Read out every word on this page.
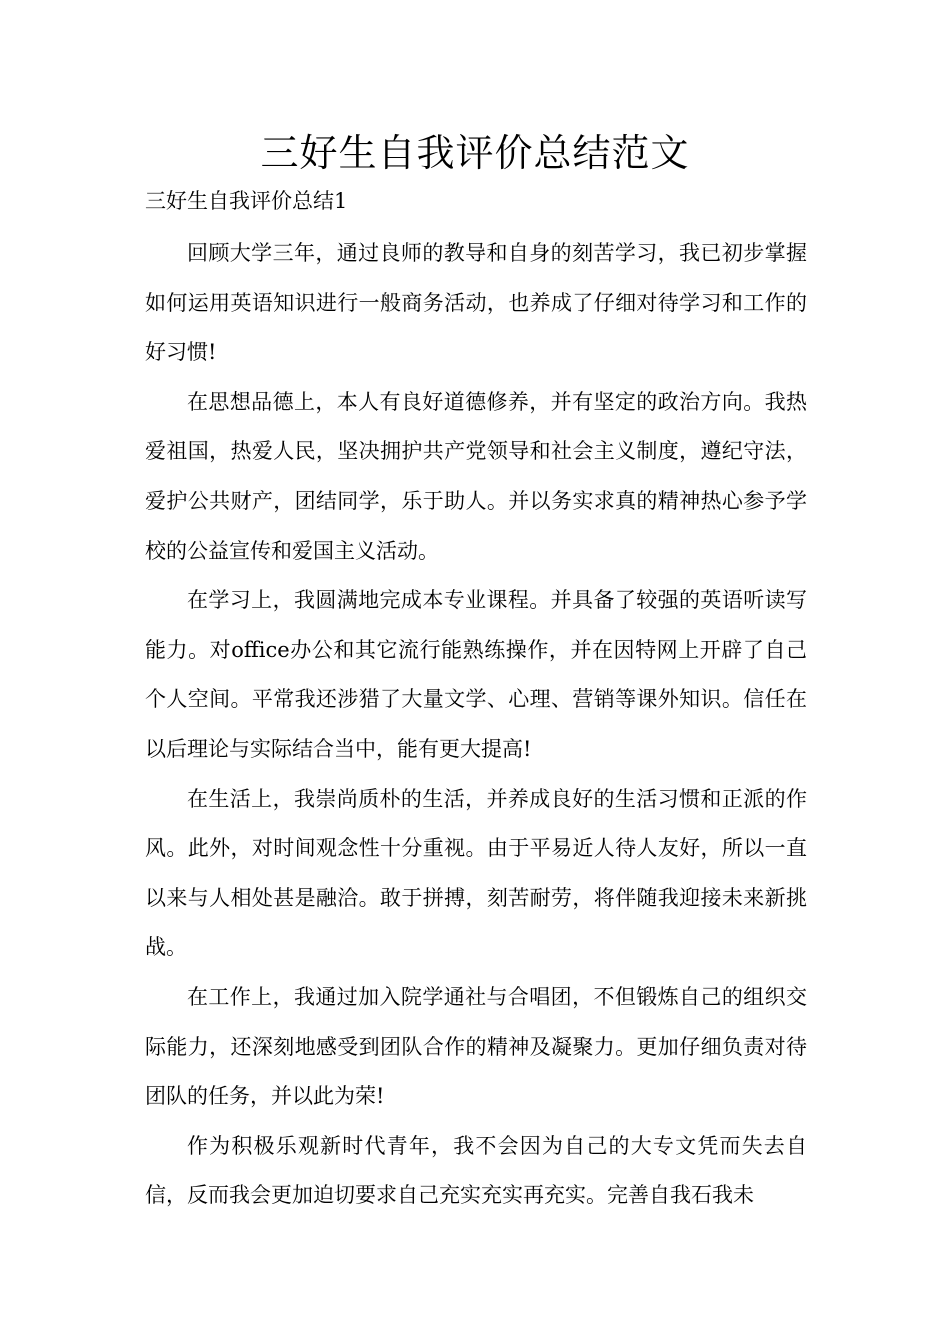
三好生自我评价总结范文

三好生自我评价总结1

回顾大学三年，通过良师的教导和自身的刻苦学习，我已初步掌握如何运用英语知识进行一般商务活动，也养成了仔细对待学习和工作的好习惯!

在思想品德上，本人有良好道德修养，并有坚定的政治方向。我热爱祖国，热爱人民，坚决拥护共产党领导和社会主义制度，遵纪守法，爱护公共财产，团结同学，乐于助人。并以务实求真的精神热心参予学校的公益宣传和爱国主义活动。

在学习上，我圆满地完成本专业课程。并具备了较强的英语听读写能力。对office办公和其它流行能熟练操作，并在因特网上开辟了自己个人空间。平常我还涉猎了大量文学、心理、营销等课外知识。信任在以后理论与实际结合当中，能有更大提高!

在生活上，我崇尚质朴的生活，并养成良好的生活习惯和正派的作风。此外，对时间观念性十分重视。由于平易近人待人友好，所以一直以来与人相处甚是融洽。敢于拼搏，刻苦耐劳，将伴随我迎接未来新挑战。

在工作上，我通过加入院学通社与合唱团，不但锻炼自己的组织交际能力，还深刻地感受到团队合作的精神及凝聚力。更加仔细负责对待团队的任务，并以此为荣!

作为积极乐观新时代青年，我不会因为自己的大专文凭而失去自信，反而我会更加迫切要求自己充实充实再充实。完善自我石我未
